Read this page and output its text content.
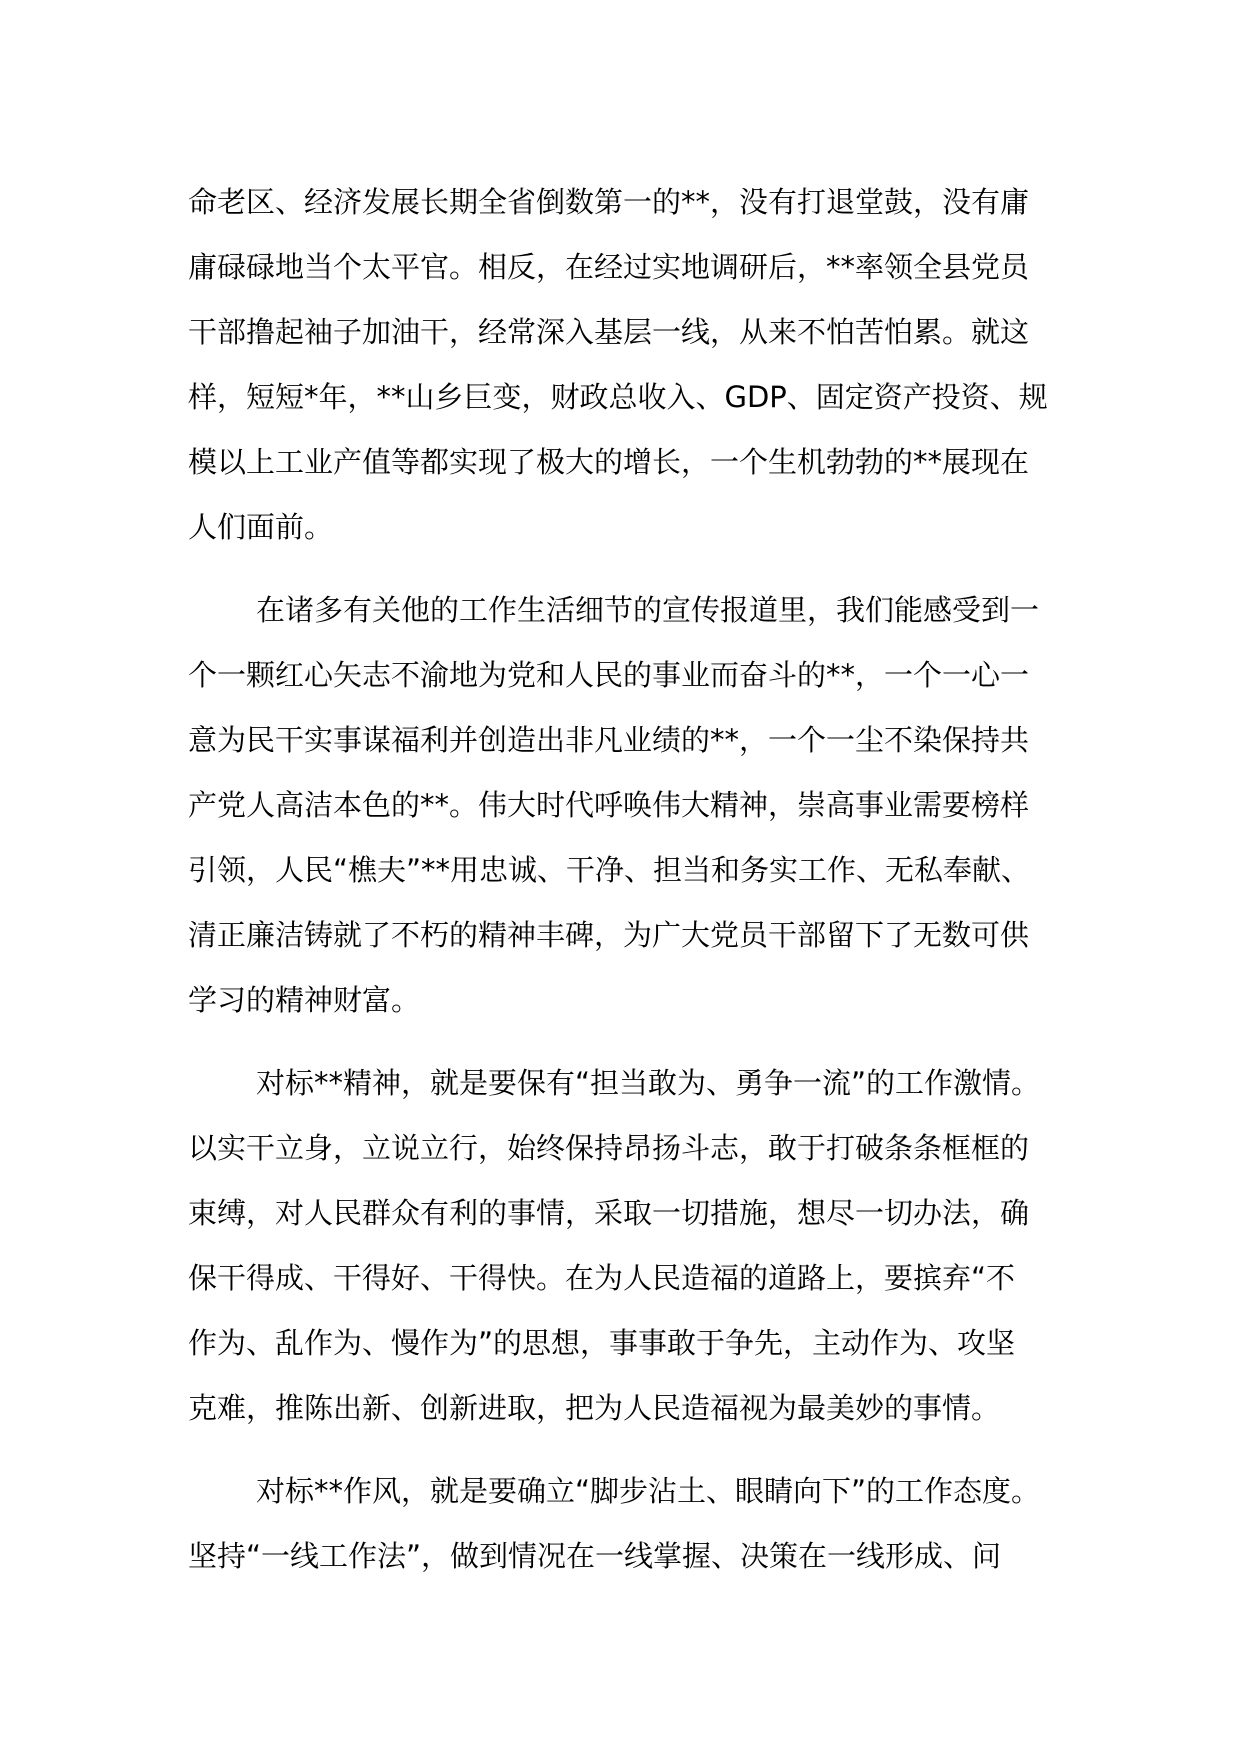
命老区、经济发展长期全省倒数第一的**，没有打退堂鼓，没有庸
庸碌碌地当个太平官。相反，在经过实地调研后，**率领全县党员
干部撸起袖子加油干，经常深入基层一线，从来不怕苦怕累。就这
样，短短*年，**山乡巨变，财政总收入、GDP、固定资产投资、规
模以上工业产值等都实现了极大的增长，一个生机勃勃的**展现在
人们面前。
在诸多有关他的工作生活细节的宣传报道里，我们能感受到一
个一颗红心矢志不渝地为党和人民的事业而奋斗的**，一个一心一
意为民干实事谋福利并创造出非凡业绩的**，一个一尘不染保持共
产党人高洁本色的**。伟大时代呼唤伟大精神，崇高事业需要榜样
引领，人民“樵夫”**用忠诚、干净、担当和务实工作、无私奉献、
清正廉洁铸就了不朽的精神丰碑，为广大党员干部留下了无数可供
学习的精神财富。
对标**精神，就是要保有“担当敢为、勇争一流”的工作激情。
以实干立身，立说立行，始终保持昂扬斗志，敢于打破条条框框的
束缚，对人民群众有利的事情，采取一切措施，想尽一切办法，确
保干得成、干得好、干得快。在为人民造福的道路上，要摈弃“不
作为、乱作为、慢作为”的思想，事事敢于争先，主动作为、攻坚
克难，推陈出新、创新进取，把为人民造福视为最美妙的事情。
对标**作风，就是要确立“脚步沾土、眼睛向下”的工作态度。
坚持“一线工作法”，做到情况在一线掌握、决策在一线形成、问
